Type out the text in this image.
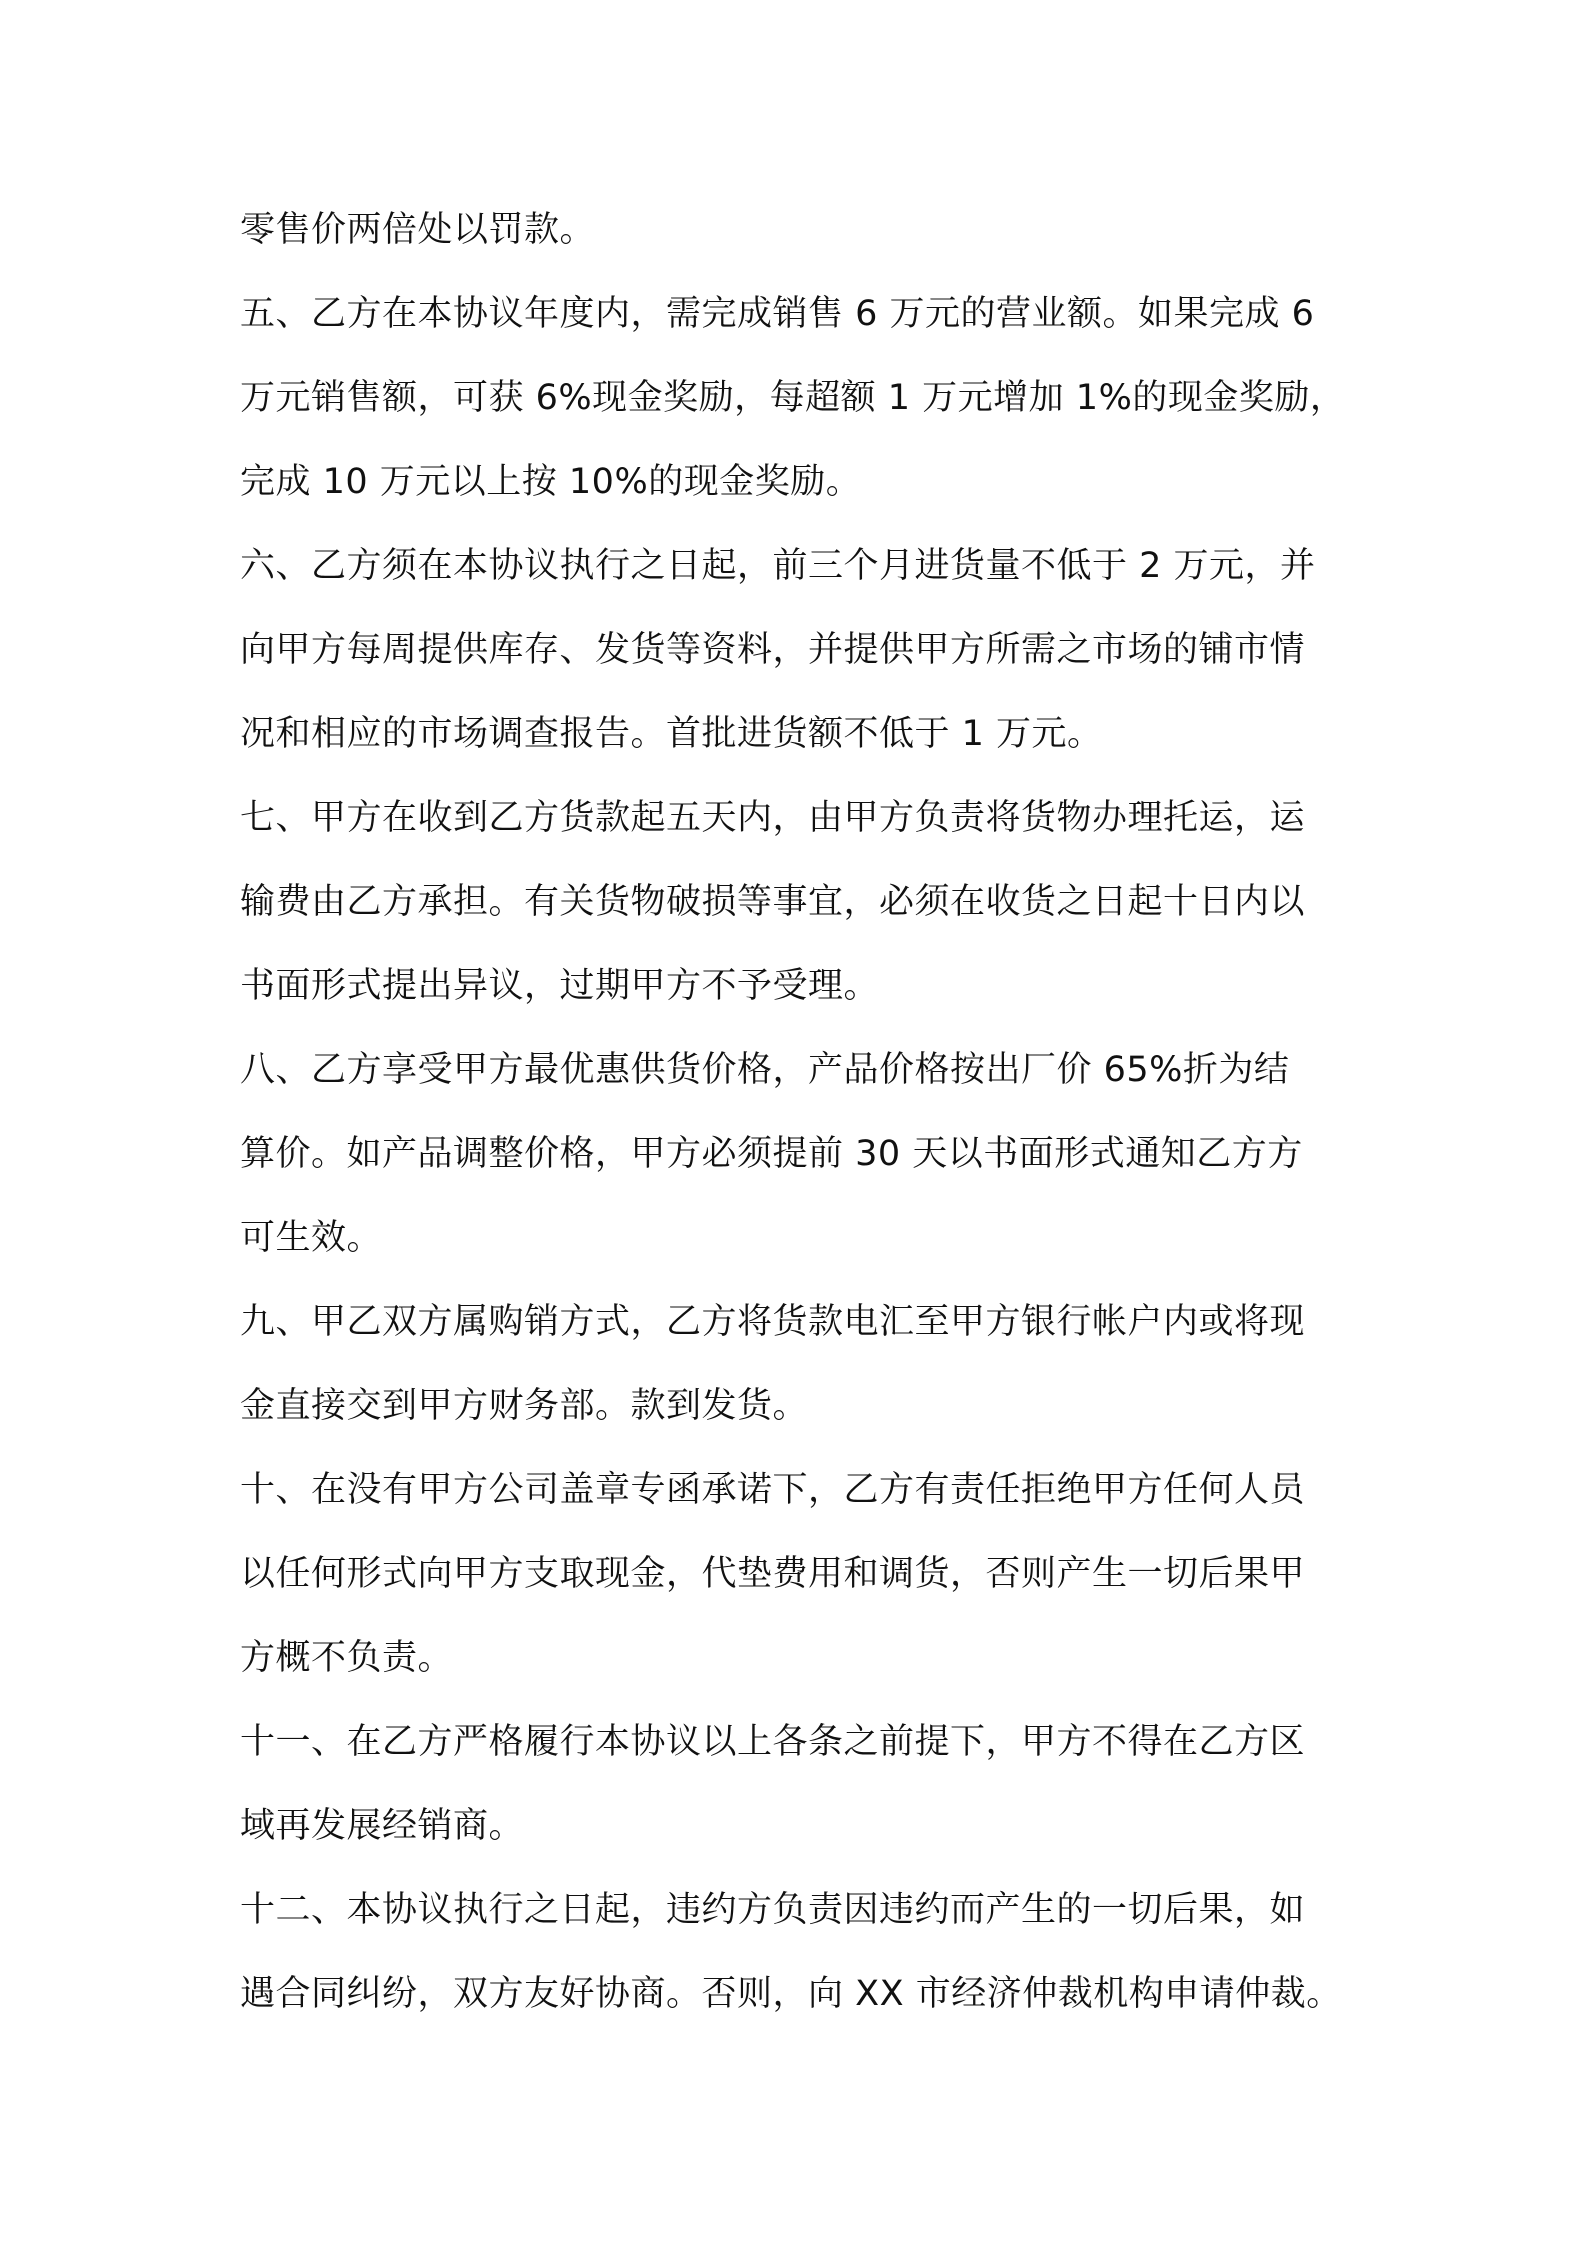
零售价两倍处以罚款。

五、乙方在本协议年度内，需完成销售 6 万元的营业额。如果完成 6
万元销售额，可获 6%现金奖励，每超额 1 万元增加 1%的现金奖励，
完成 10 万元以上按 10%的现金奖励。

六、乙方须在本协议执行之日起，前三个月进货量不低于 2 万元，并
向甲方每周提供库存、发货等资料，并提供甲方所需之市场的铺市情
况和相应的市场调查报告。首批进货额不低于 1 万元。

七、甲方在收到乙方货款起五天内，由甲方负责将货物办理托运，运
输费由乙方承担。有关货物破损等事宜，必须在收货之日起十日内以
书面形式提出异议，过期甲方不予受理。

八、乙方享受甲方最优惠供货价格，产品价格按出厂价 65%折为结
算价。如产品调整价格，甲方必须提前 30 天以书面形式通知乙方方
可生效。

九、甲乙双方属购销方式，乙方将货款电汇至甲方银行帐户内或将现
金直接交到甲方财务部。款到发货。

十、在没有甲方公司盖章专函承诺下，乙方有责任拒绝甲方任何人员
以任何形式向甲方支取现金，代垫费用和调货，否则产生一切后果甲
方概不负责。

十一、在乙方严格履行本协议以上各条之前提下，甲方不得在乙方区
域再发展经销商。

十二、本协议执行之日起，违约方负责因违约而产生的一切后果，如
遇合同纠纷，双方友好协商。否则，向 XX 市经济仲裁机构申请仲裁。
